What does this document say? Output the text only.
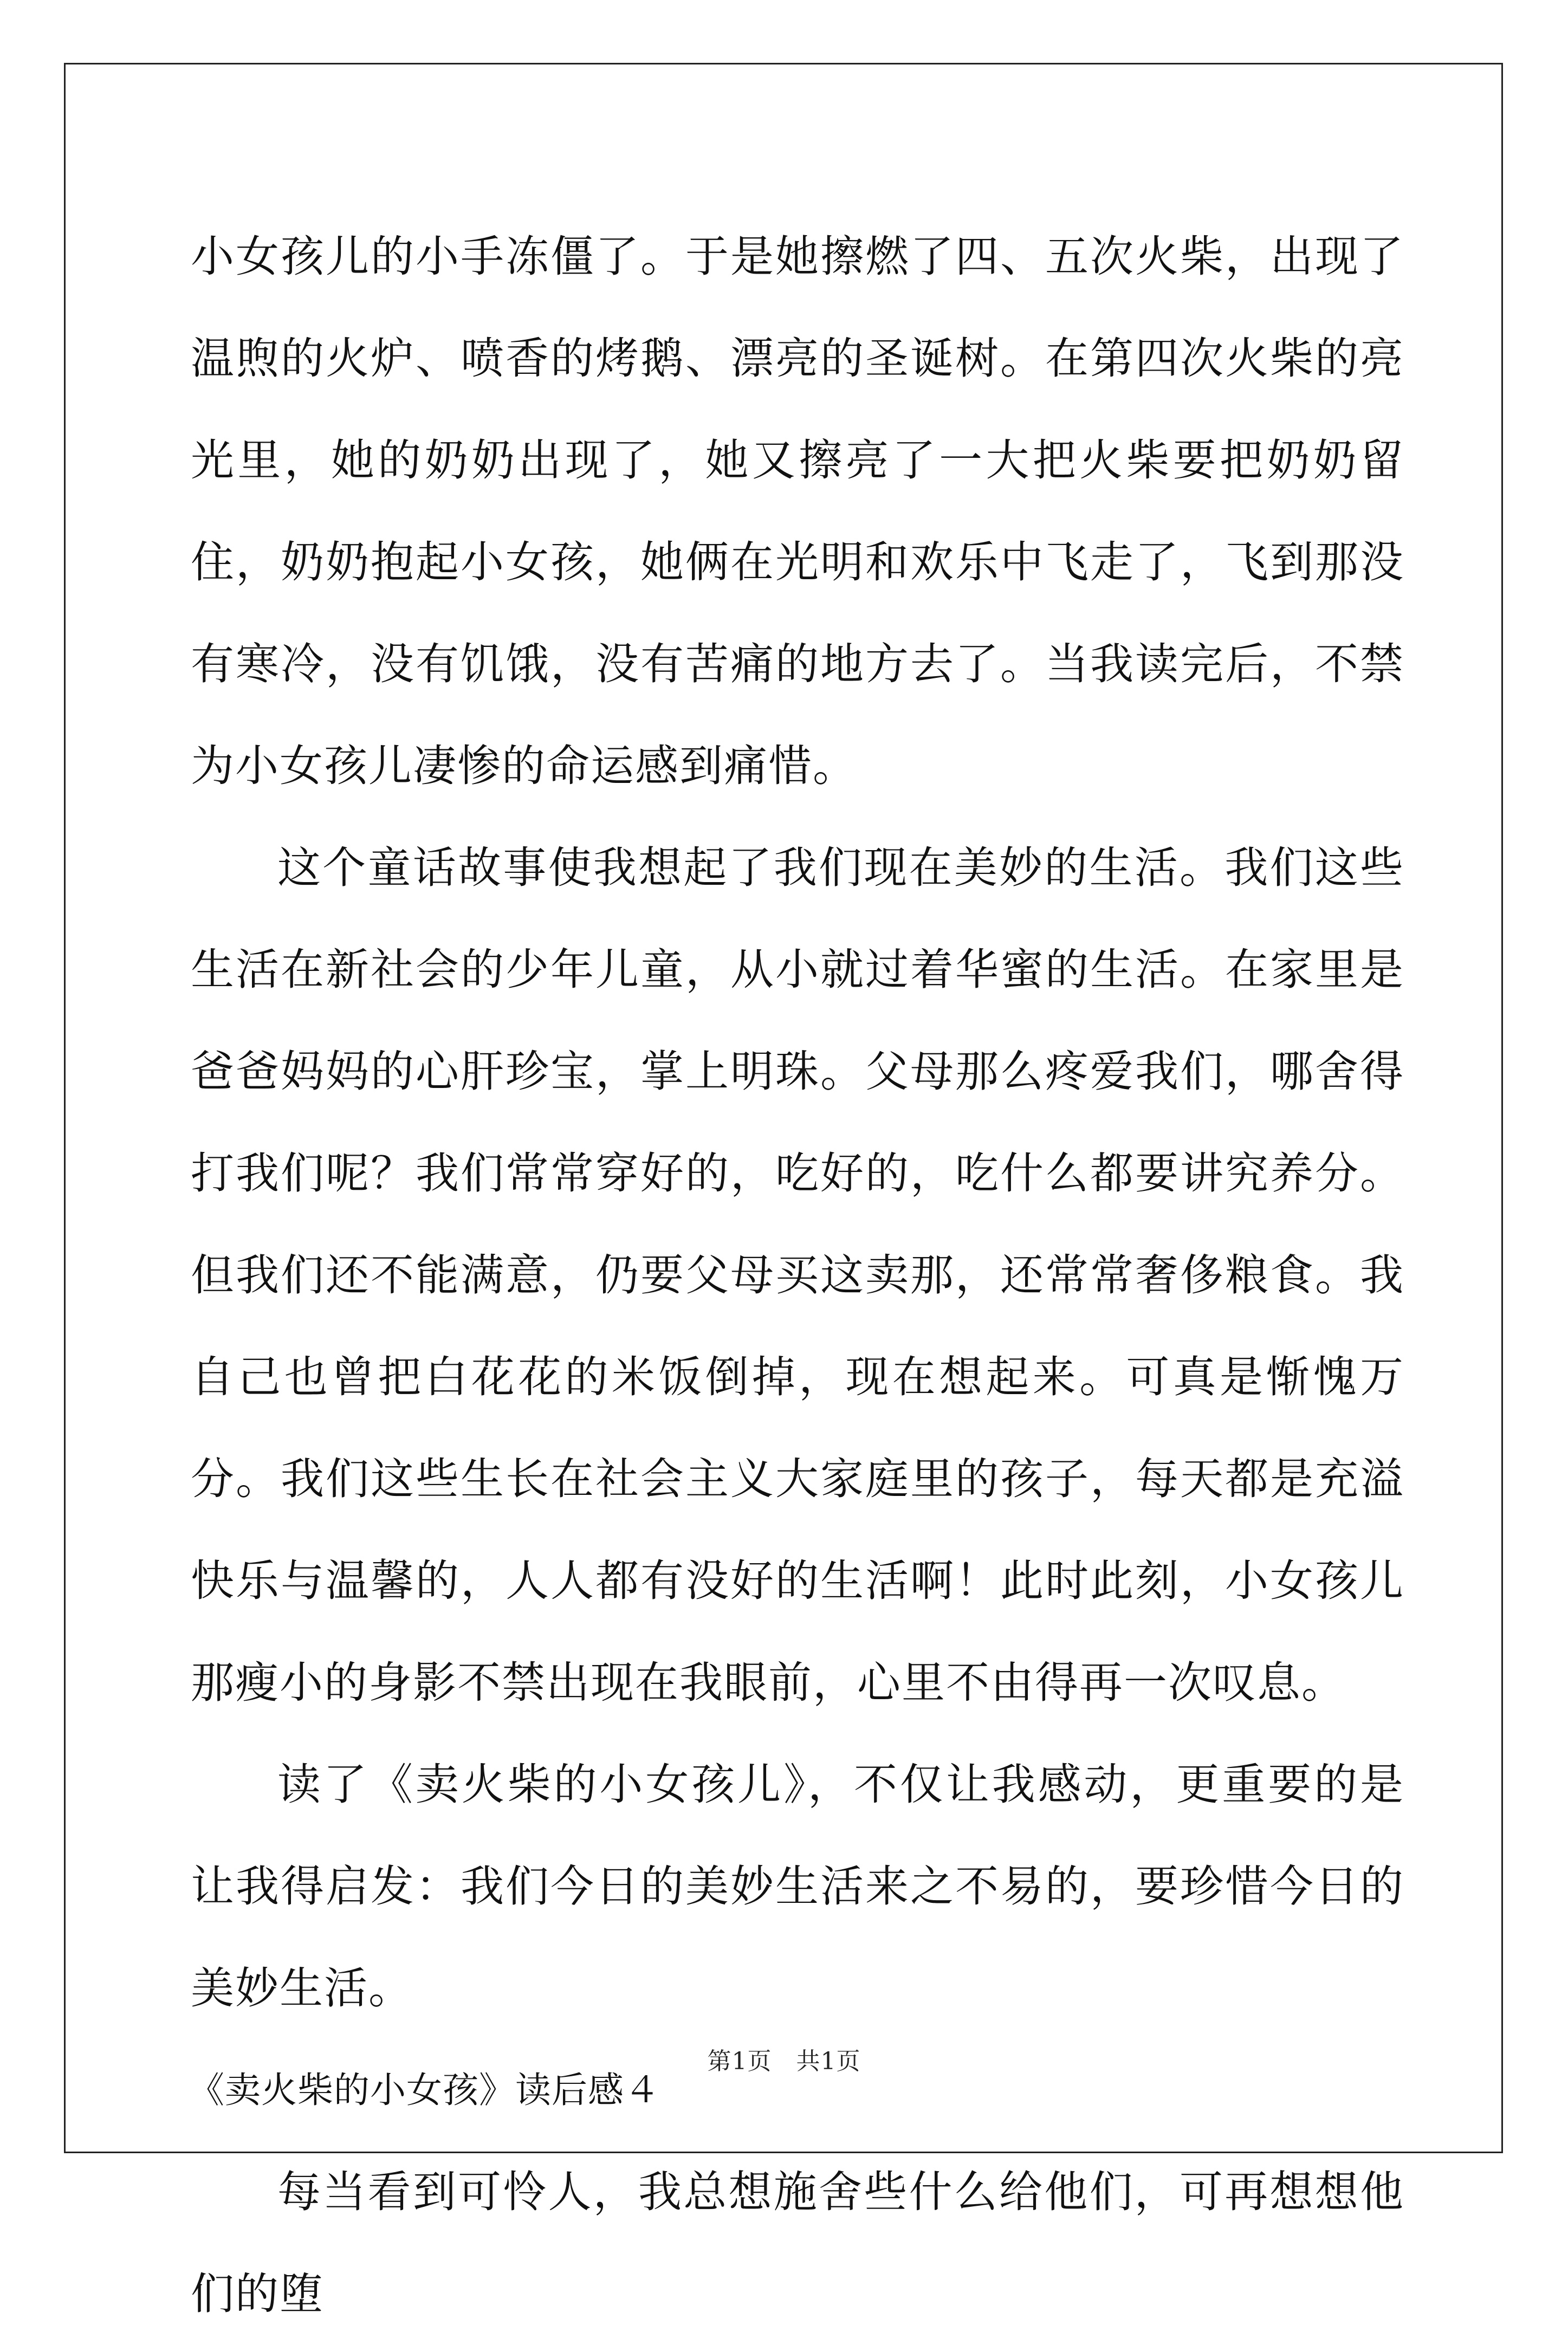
小女孩儿的小手冻僵了。于是她擦燃了四、五次火柴，出现了温煦的火炉、喷香的烤鹅、漂亮的圣诞树。在第四次火柴的亮光里，她的奶奶出现了，她又擦亮了一大把火柴要把奶奶留住，奶奶抱起小女孩，她俩在光明和欢乐中飞走了，飞到那没有寒冷，没有饥饿，没有苦痛的地方去了。当我读完后，不禁为小女孩儿凄惨的命运感到痛惜。

这个童话故事使我想起了我们现在美妙的生活。我们这些生活在新社会的少年儿童，从小就过着华蜜的生活。在家里是爸爸妈妈的心肝珍宝，掌上明珠。父母那么疼爱我们，哪舍得打我们呢？我们常常穿好的，吃好的，吃什么都要讲究养分。但我们还不能满意，仍要父母买这卖那，还常常奢侈粮食。我自己也曾把白花花的米饭倒掉，现在想起来。可真是惭愧万分。我们这些生长在社会主义大家庭里的孩子，每天都是充溢快乐与温馨的，人人都有没好的生活啊！此时此刻，小女孩儿那瘦小的身影不禁出现在我眼前，心里不由得再一次叹息。

读了《卖火柴的小女孩儿》，不仅让我感动，更重要的是让我得启发：我们今日的美妙生活来之不易的，要珍惜今日的美妙生活。

《卖火柴的小女孩》读后感４

每当看到可怜人，我总想施舍些什么给他们，可再想想他们的堕

第1页　共1页
